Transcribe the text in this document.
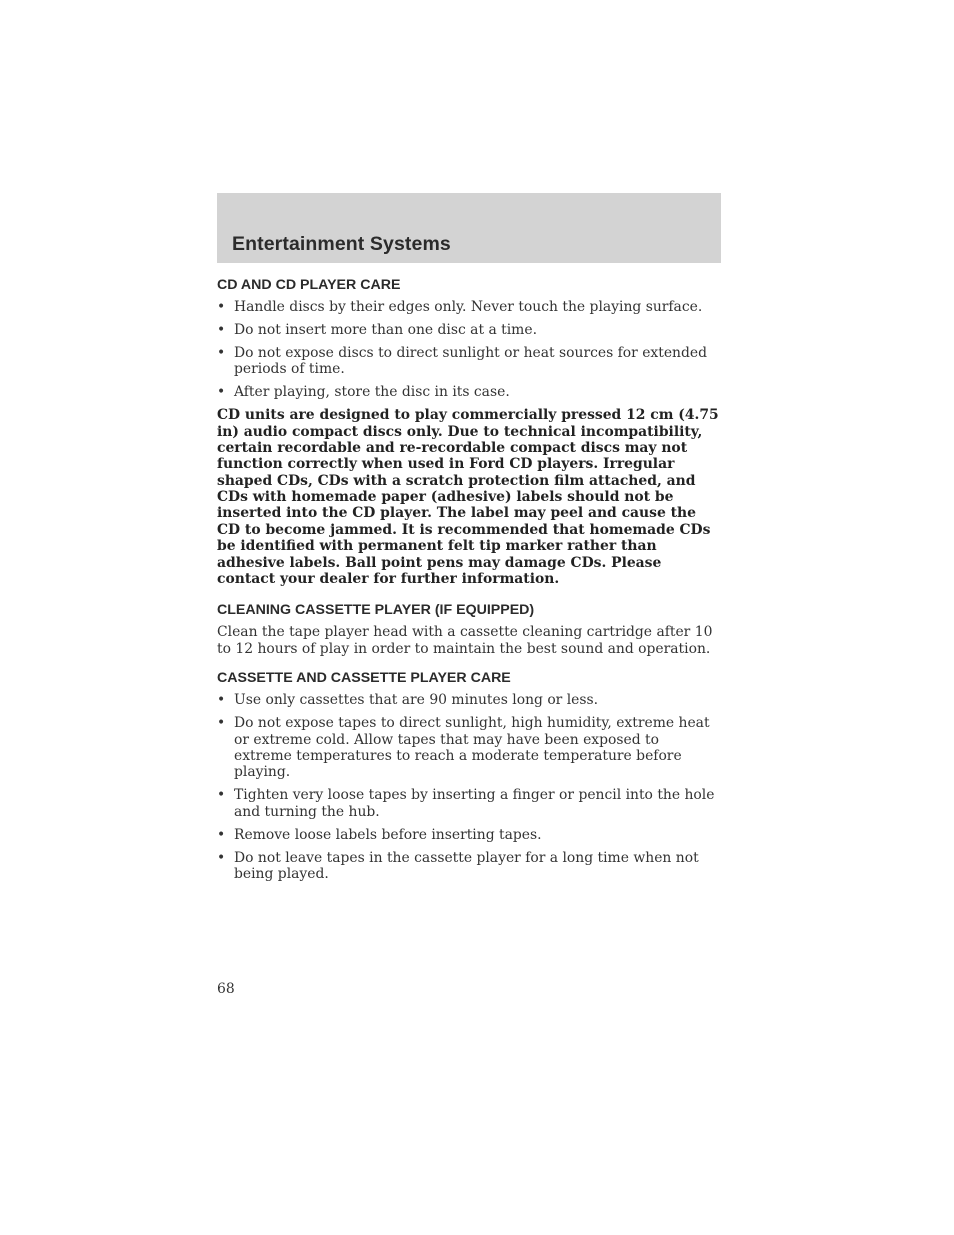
Entertainment Systems
CD AND CD PLAYER CARE
• Handle discs by their edges only. Never touch the playing surface.
• Do not insert more than one disc at a time.
• Do not expose discs to direct sunlight or heat sources for extended periods of time.
• After playing, store the disc in its case.

CD units are designed to play commercially pressed 12 cm (4.75 in) audio compact discs only. Due to technical incompatibility, certain recordable and re-recordable compact discs may not function correctly when used in Ford CD players. Irregular shaped CDs, CDs with a scratch protection film attached, and CDs with homemade paper (adhesive) labels should not be inserted into the CD player. The label may peel and cause the CD to become jammed. It is recommended that homemade CDs be identified with permanent felt tip marker rather than adhesive labels. Ball point pens may damage CDs. Please contact your dealer for further information.

CLEANING CASSETTE PLAYER (IF EQUIPPED)

Clean the tape player head with a cassette cleaning cartridge after 10 to 12 hours of play in order to maintain the best sound and operation.

CASSETTE AND CASSETTE PLAYER CARE
• Use only cassettes that are 90 minutes long or less.
• Do not expose tapes to direct sunlight, high humidity, extreme heat or extreme cold. Allow tapes that may have been exposed to extreme temperatures to reach a moderate temperature before playing.
• Tighten very loose tapes by inserting a finger or pencil into the hole and turning the hub.
• Remove loose labels before inserting tapes.
• Do not leave tapes in the cassette player for a long time when not being played.

68
